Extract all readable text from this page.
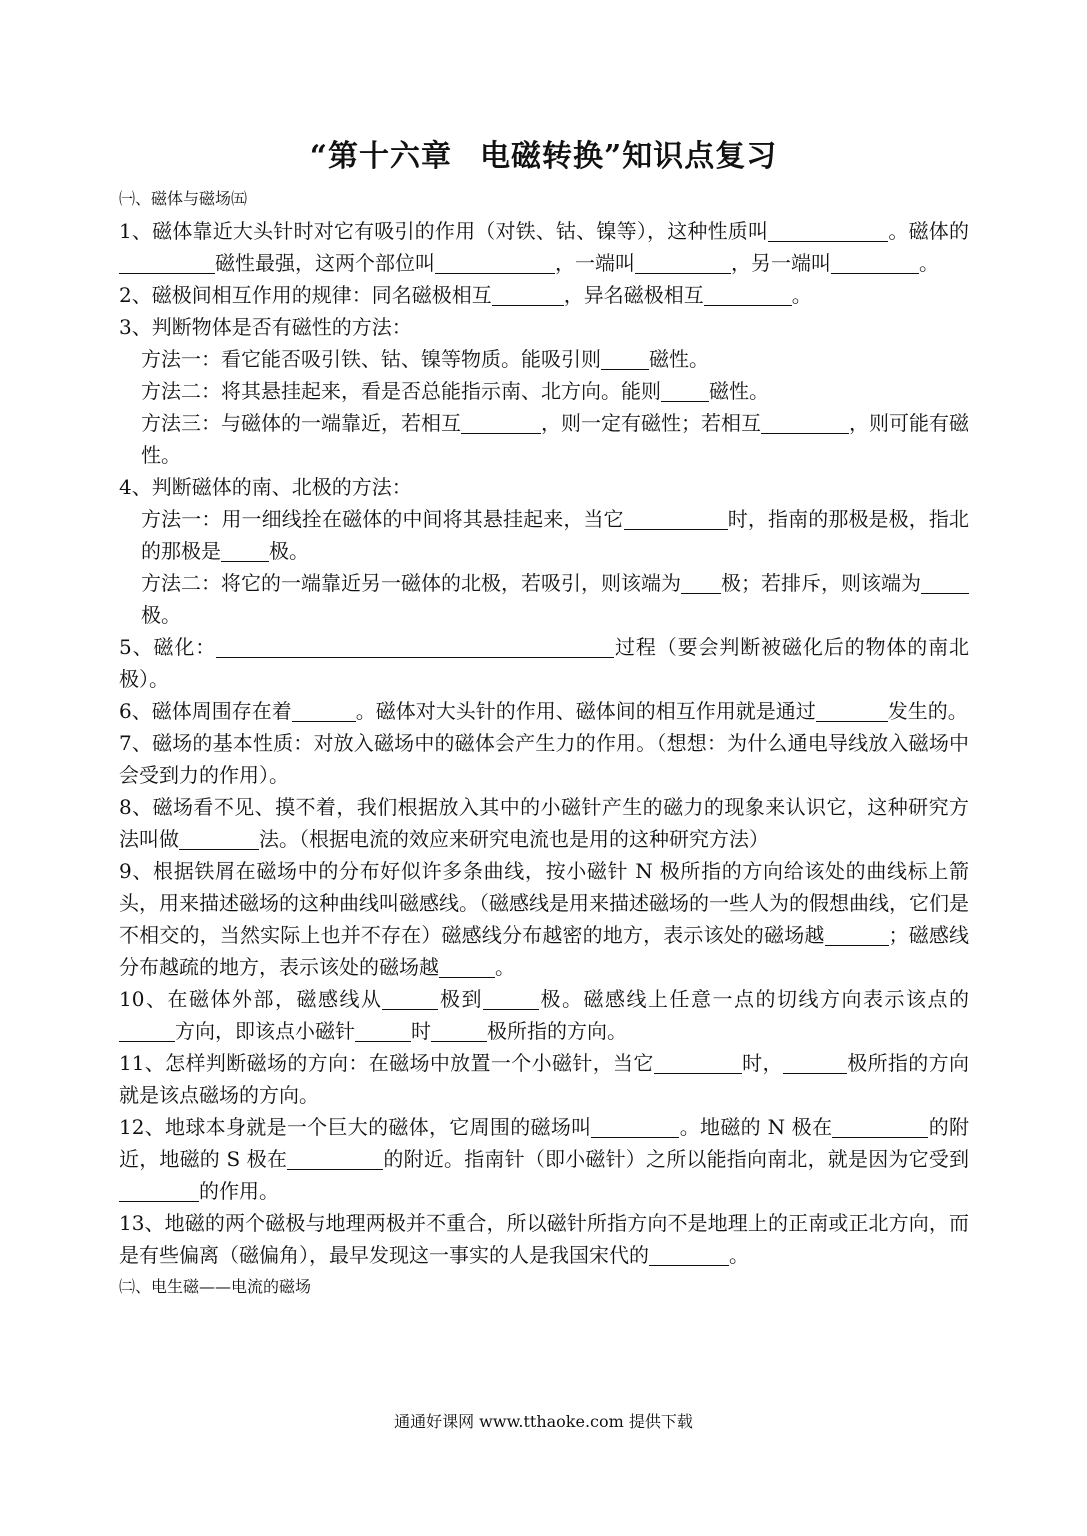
“第十六章 电磁转换”知识点复习
㈠、磁体与磁场㈤

1、磁体靠近大头针时对它有吸引的作用（对铁、钴、镍等），这种性质叫	。磁体的磁性最强，这两个部位叫	，一端叫	，另一端叫	。

2、磁极间相互作用的规律：同名磁极相互	，异名磁极相互	。

3、判断物体是否有磁性的方法：

方法一：看它能否吸引铁、钴、镍等物质。能吸引则 磁性。

方法二：将其悬挂起来，看是否总能指示南、北方向。能则 磁性。

方法三：与磁体的一端靠近，若相互	，则一定有磁性；若相互	，则可能有磁性。

4、判断磁体的南、北极的方法：

方法一：用一细线拴在磁体的中间将其悬挂起来，当它	时，指南的那极是极，指北的那极是 极。

方法二：将它的一端靠近另一磁体的北极，若吸引，则该端为 极；若排斥，则该端为极。

5、磁化：	过程（要会判断被磁化后的物体的南北极）。

6、磁体周围存在着	。磁体对大头针的作用、磁体间的相互作用就是通过	发生的。

7、磁场的基本性质：对放入磁场中的磁体会产生力的作用。（想想：为什么通电导线放入磁场中会受到力的作用）。

8、磁场看不见、摸不着，我们根据放入其中的小磁针产生的磁力的现象来认识它，这种研究方法叫做	法。（根据电流的效应来研究电流也是用的这种研究方法）

9、根据铁屑在磁场中的分布好似许多条曲线，按小磁针 N 极所指的方向给该处的曲线标上箭头，用来描述磁场的这种曲线叫磁感线。（磁感线是用来描述磁场的一些人为的假想曲线，它们是不相交的，当然实际上也并不存在）磁感线分布越密的地方，表示该处的磁场越	；磁感线分布越疏的地方，表示该处的磁场越	。

10、在磁体外部，磁感线从	极到	极。磁感线上任意一点的切线方向表示该点的方向，即该点小磁针	时	极所指的方向。

11、怎样判断磁场的方向：在磁场中放置一个小磁针，当它	时，	极所指的方向就是该点磁场的方向。

12、地球本身就是一个巨大的磁体，它周围的磁场叫	。地磁的 N 极在	的附近，地磁的 S 极在	的附近。指南针（即小磁针）之所以能指向南北，就是因为它受到的作用。

13、地磁的两个磁极与地理两极并不重合，所以磁针所指方向不是地理上的正南或正北方向，而是有些偏离（磁偏角），最早发现这一事实的人是我国宋代的	。

㈡、电生磁——电流的磁场
通通好课网 www.tthaoke.com 提供下载
